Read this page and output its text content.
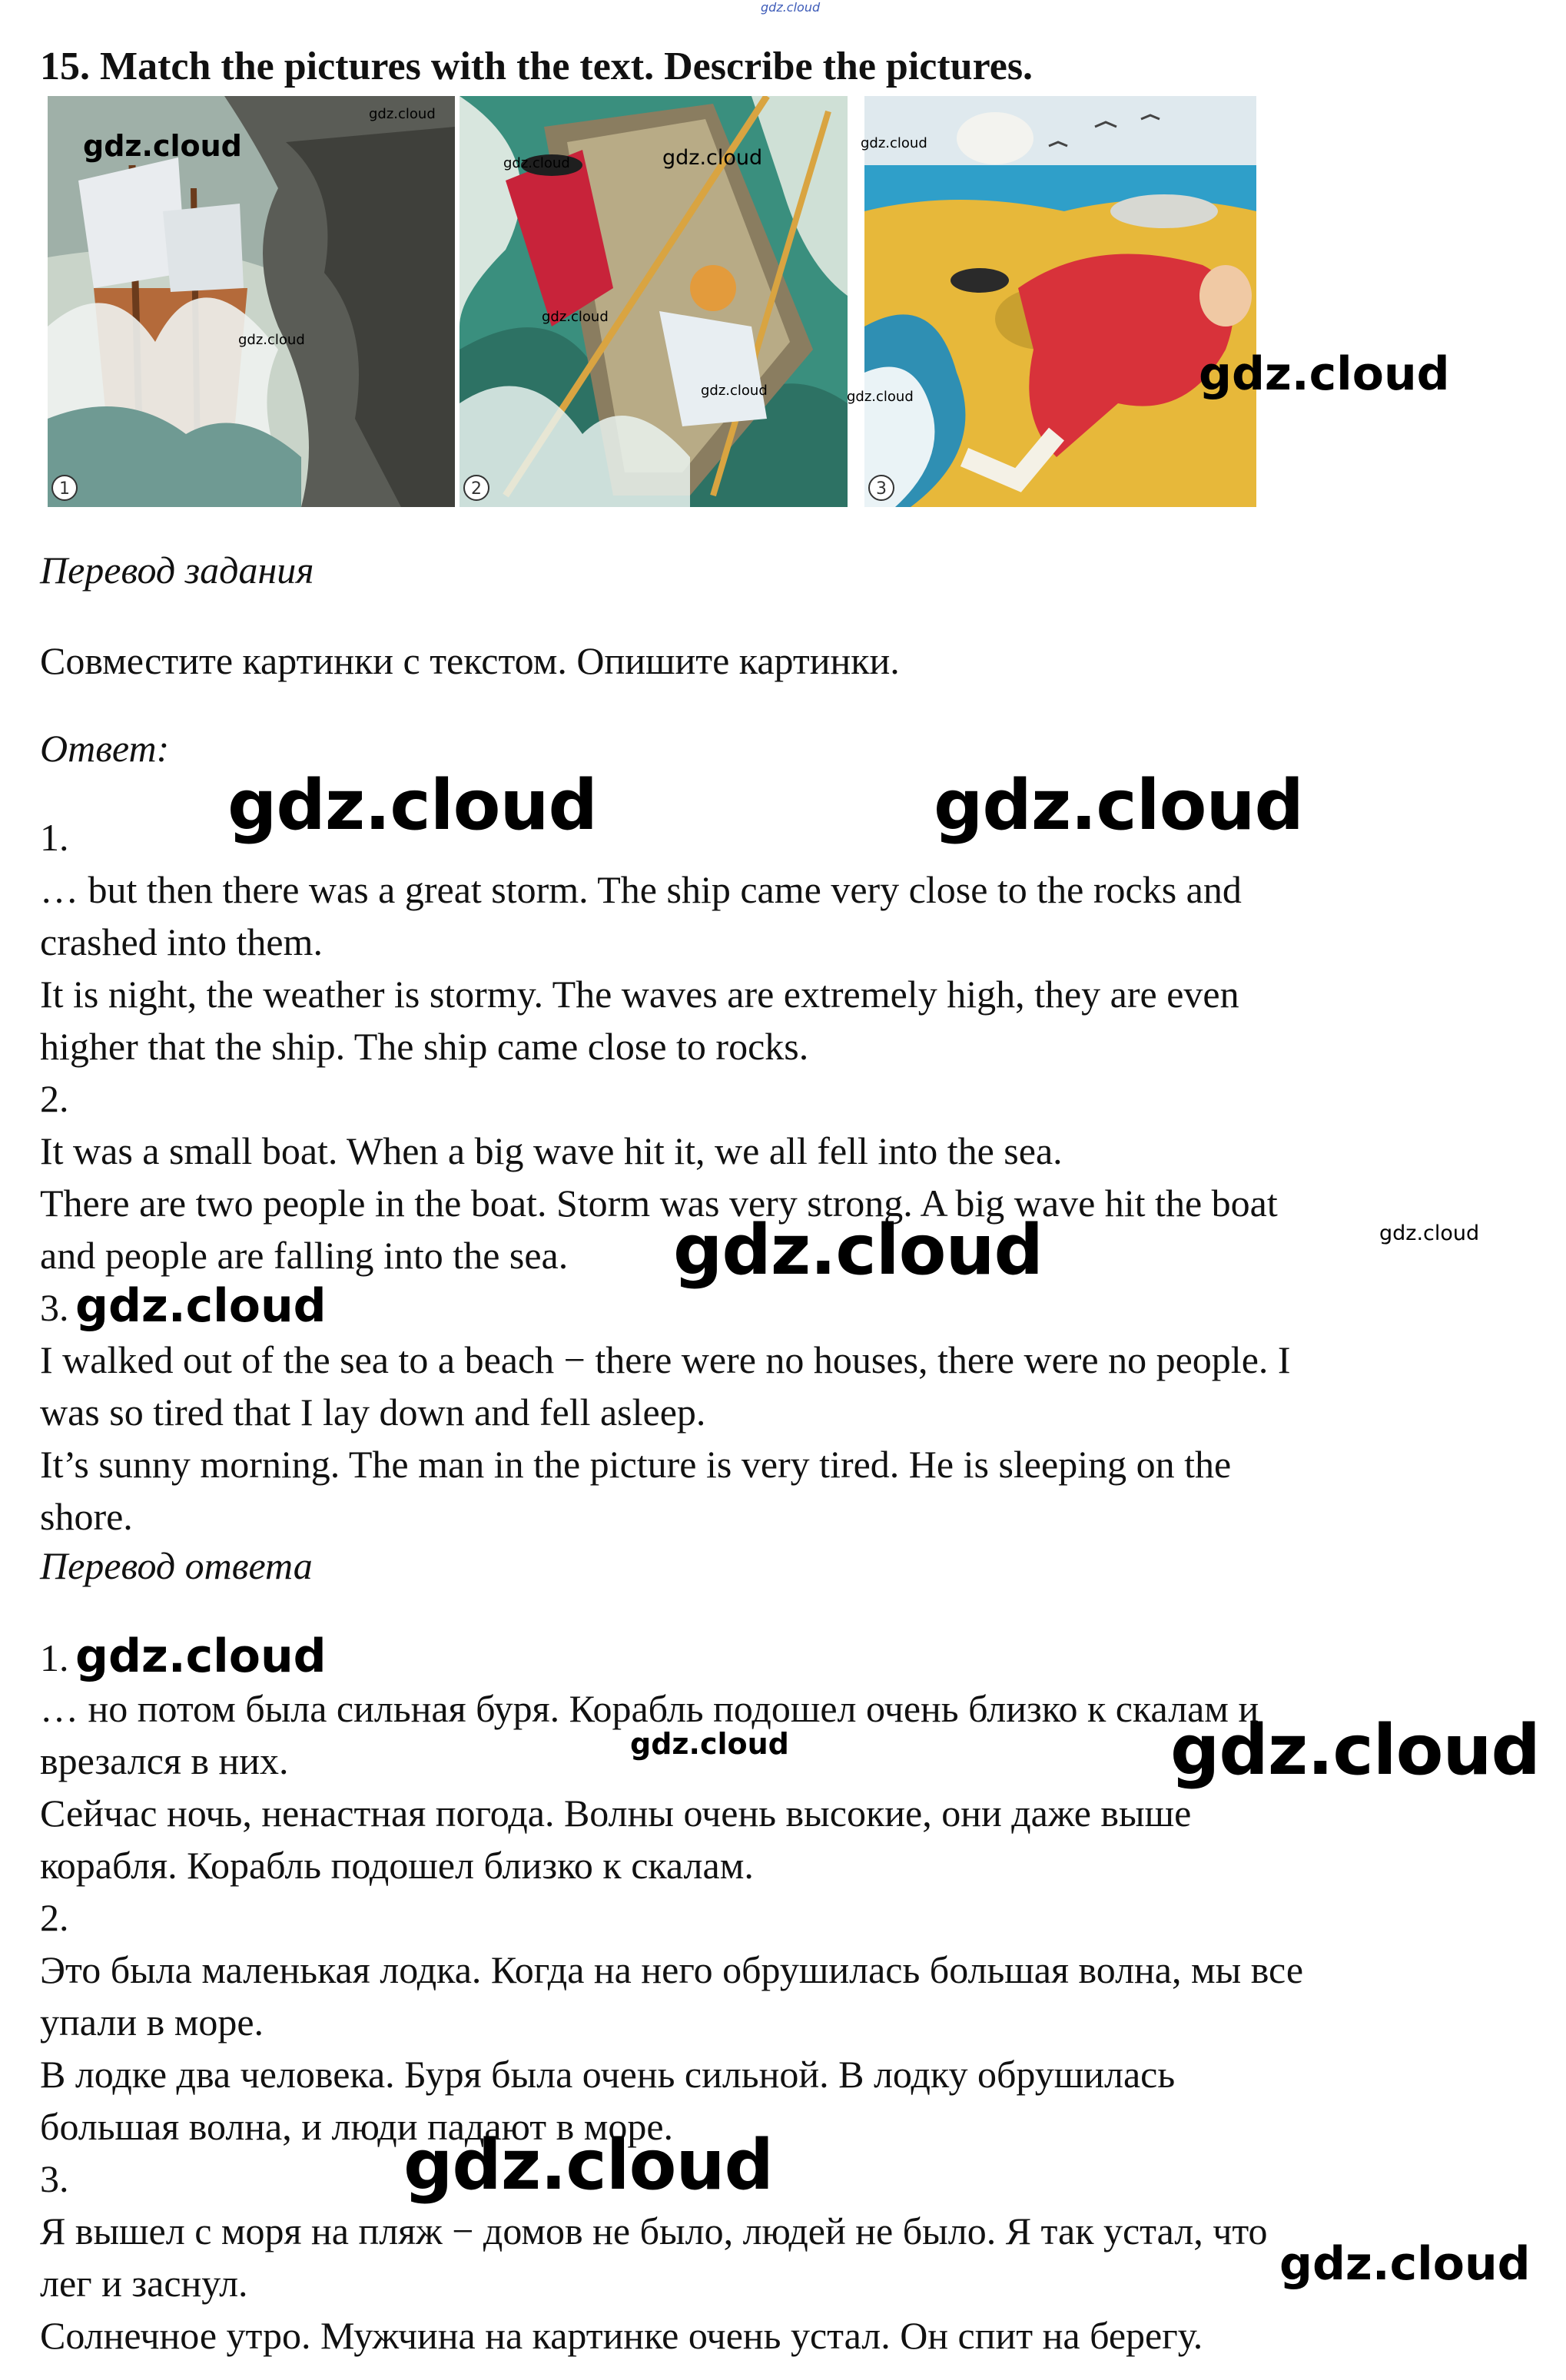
gdz.cloud
15. Match the pictures with the text. Describe the pictures.
1	2	3
gdz.cloud
gdz.cloud
gdz.cloud	gdz.cloud
gdz.cloud
gdz.cloud
gdz.cloud
gdz.cloud	gdz.cloud	gdz.cloud
Перевод задания
Совместите картинки с текстом. Опишите картинки.
Ответ:
1. gdz.cloud	gdz.cloud
… but then there was a great storm. The ship came very close to the rocks and
crashed into them.
It is night, the weather is stormy. The waves are extremely high, they are even
higher that the ship. The ship came close to rocks.
2.
It was a small boat. When a big wave hit it, we all fell into the sea.
There are two people in the boat. Storm was very strong. A big wave hit the boat
and people are falling into the sea. gdz.cloud	gdz.cloud
3. gdz.cloud
I walked out of the sea to a beach − there were no houses, there were no people. I
was so tired that I lay down and fell asleep.
It’s sunny morning. The man in the picture is very tired. He is sleeping on the
shore.
Перевод ответа
1. gdz.cloud
… но потом была сильная буря. Корабль подошел очень близко к скалам и
врезался в них.	gdz.cloud	gdz.cloud
Сейчас ночь, ненастная погода. Волны очень высокие, они даже выше
корабля. Корабль подошел близко к скалам.
2.
Это была маленькая лодка. Когда на него обрушилась большая волна, мы все
упали в море.
В лодке два человека. Буря была очень сильной. В лодку обрушилась
большая волна, и люди падают в море.
3.	gdz.cloud
Я вышел с моря на пляж − домов не было, людей не было. Я так устал, что
лег и заснул.	gdz.cloud
Солнечное утро. Мужчина на картинке очень устал. Он спит на берегу.
